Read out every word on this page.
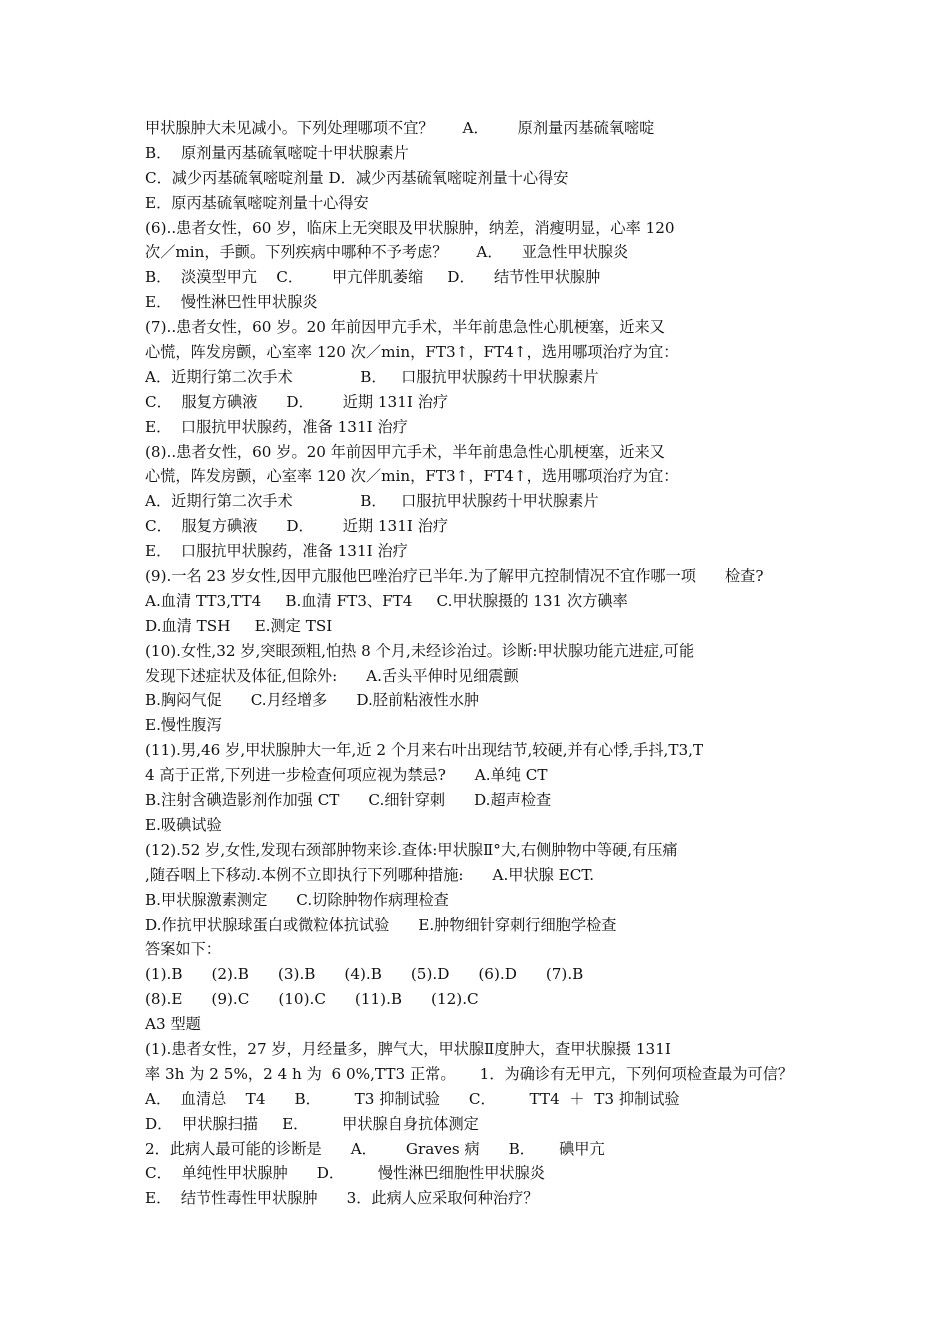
甲状腺肿大未见减小。下列处理哪项不宜？      A．      原剂量丙基硫氧嘧啶
B．  原剂量丙基硫氧嘧啶十甲状腺素片
C．减少丙基硫氧嘧啶剂量 D．减少丙基硫氧嘧啶剂量十心得安
E．原丙基硫氧嘧啶剂量十心得安
(6)..患者女性，60 岁，临床上无突眼及甲状腺肿，纳差，消瘦明显，心率 120
次／min，手颤。下列疾病中哪种不予考虑？      A．    亚急性甲状腺炎
B．  淡漠型甲亢    C．      甲亢伴肌萎缩     D．    结节性甲状腺肿
E．  慢性淋巴性甲状腺炎
(7)..患者女性，60 岁。20 年前因甲亢手术，半年前患急性心肌梗塞，近来又
心慌，阵发房颤，心室率 120 次／min，FT3↑，FT4↑，选用哪项治疗为宜：
A．近期行第二次手术              B．   口服抗甲状腺药十甲状腺素片
C．  服复方碘液      D．      近期 131I 治疗
E．  口服抗甲状腺药，准备 131I 治疗
(8)..患者女性，60 岁。20 年前因甲亢手术，半年前患急性心肌梗塞，近来又
心慌，阵发房颤，心室率 120 次／min，FT3↑，FT4↑，选用哪项治疗为宜：
A．近期行第二次手术              B．   口服抗甲状腺药十甲状腺素片
C．  服复方碘液      D．      近期 131I 治疗
E．  口服抗甲状腺药，准备 131I 治疗
(9).一名 23 岁女性,因甲亢服他巴唑治疗已半年.为了解甲亢控制情况不宜作哪一项      检查?
A.血清 TT3,TT4     B.血清 FT3、FT4     C.甲状腺摄的 131 次方碘率
D.血清 TSH     E.测定 TSI
(10).女性,32 岁,突眼颈粗,怕热 8 个月,未经诊治过。诊断:甲状腺功能亢进症,可能
发现下述症状及体征,但除外:      A.舌头平伸时见细震颤
B.胸闷气促      C.月经增多      D.胫前粘液性水肿
E.慢性腹泻
(11).男,46 岁,甲状腺肿大一年,近 2 个月来右叶出现结节,较硬,并有心悸,手抖,T3,T
4 高于正常,下列进一步检查何项应视为禁忌?      A.单纯 CT
B.注射含碘造影剂作加强 CT      C.细针穿刺      D.超声检查
E.吸碘试验
(12).52 岁,女性,发现右颈部肿物来诊.查体:甲状腺Ⅱ°大,右侧肿物中等硬,有压痛
,随吞咽上下移动.本例不立即执行下列哪种措施:      A.甲状腺 ECT.
B.甲状腺激素测定      C.切除肿物作病理检查
D.作抗甲状腺球蛋白或微粒体抗试验      E.肿物细针穿刺行细胞学检查
答案如下：
(1).B      (2).B      (3).B      (4).B      (5).D      (6).D      (7).B
(8).E      (9).C      (10).C      (11).B      (12).C
A3 型题
(1).患者女性，27 岁，月经量多，脾气大，甲状腺Ⅱ度肿大，查甲状腺摄 131I
率 3h 为 2 5%，2 4 h 为  6 0%,TT3 正常。     1．为确诊有无甲亢，下列何项检查最为可信？
A．  血清总    T4      B．       T3 抑制试验      C．       TT4  ＋  T3 抑制试验
D．  甲状腺扫描     E．       甲状腺自身抗体测定
2．此病人最可能的诊断是      A．      Graves 病      B．     碘甲亢
C．  单纯性甲状腺肿      D．       慢性淋巴细胞性甲状腺炎
E．  结节性毒性甲状腺肿      3．此病人应采取何种治疗？
